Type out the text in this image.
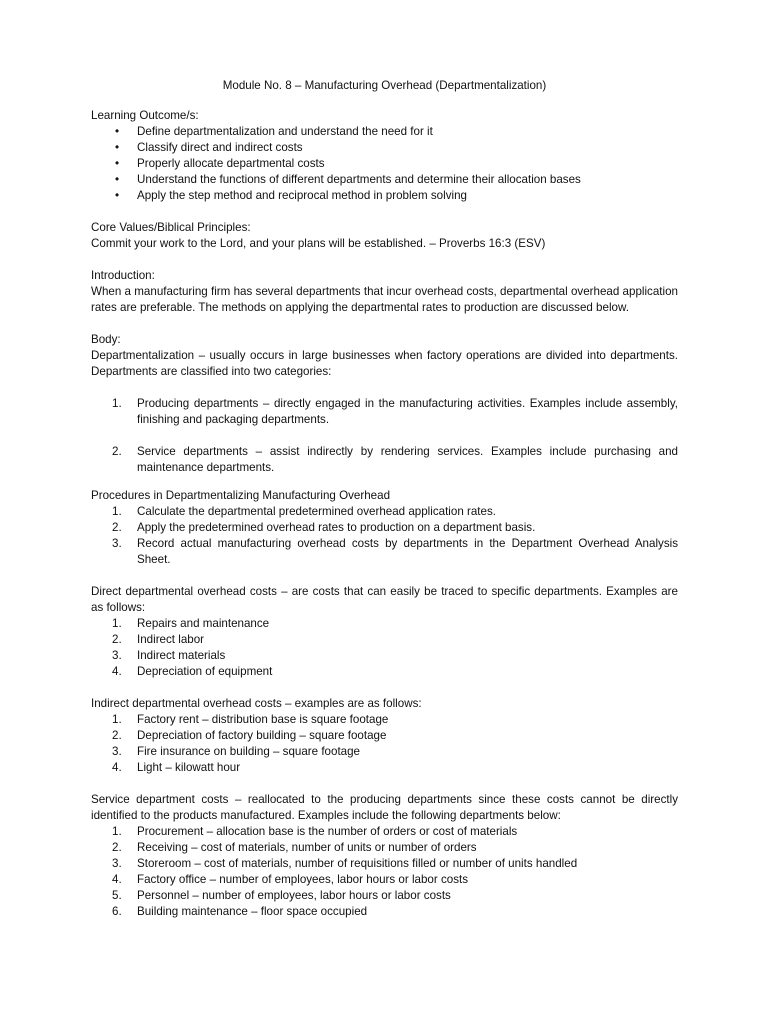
Module No. 8 – Manufacturing Overhead (Departmentalization)

Learning Outcome/s:

• Define departmentalization and understand the need for it
• Classify direct and indirect costs
• Properly allocate departmental costs
• Understand the functions of different departments and determine their allocation bases
• Apply the step method and reciprocal method in problem solving

Core Values/Biblical Principles:

Commit your work to the Lord, and your plans will be established. – Proverbs 16:3 (ESV)

Introduction:

When a manufacturing firm has several departments that incur overhead costs, departmental overhead application rates are preferable. The methods on applying the departmental rates to production are discussed below.

Body:

Departmentalization – usually occurs in large businesses when factory operations are divided into departments. Departments are classified into two categories:

1. Producing departments – directly engaged in the manufacturing activities. Examples include assembly, finishing and packaging departments.
2. Service departments – assist indirectly by rendering services. Examples include purchasing and maintenance departments.

Procedures in Departmentalizing Manufacturing Overhead

1. Calculate the departmental predetermined overhead application rates.
2. Apply the predetermined overhead rates to production on a department basis.
3. Record actual manufacturing overhead costs by departments in the Department Overhead Analysis Sheet.

Direct departmental overhead costs – are costs that can easily be traced to specific departments. Examples are as follows:

1. Repairs and maintenance
2. Indirect labor
3. Indirect materials
4. Depreciation of equipment

Indirect departmental overhead costs – examples are as follows:

1. Factory rent – distribution base is square footage
2. Depreciation of factory building – square footage
3. Fire insurance on building – square footage
4. Light – kilowatt hour

Service department costs – reallocated to the producing departments since these costs cannot be directly identified to the products manufactured. Examples include the following departments below:

1. Procurement – allocation base is the number of orders or cost of materials
2. Receiving – cost of materials, number of units or number of orders
3. Storeroom – cost of materials, number of requisitions filled or number of units handled
4. Factory office – number of employees, labor hours or labor costs
5. Personnel – number of employees, labor hours or labor costs
6. Building maintenance – floor space occupied
